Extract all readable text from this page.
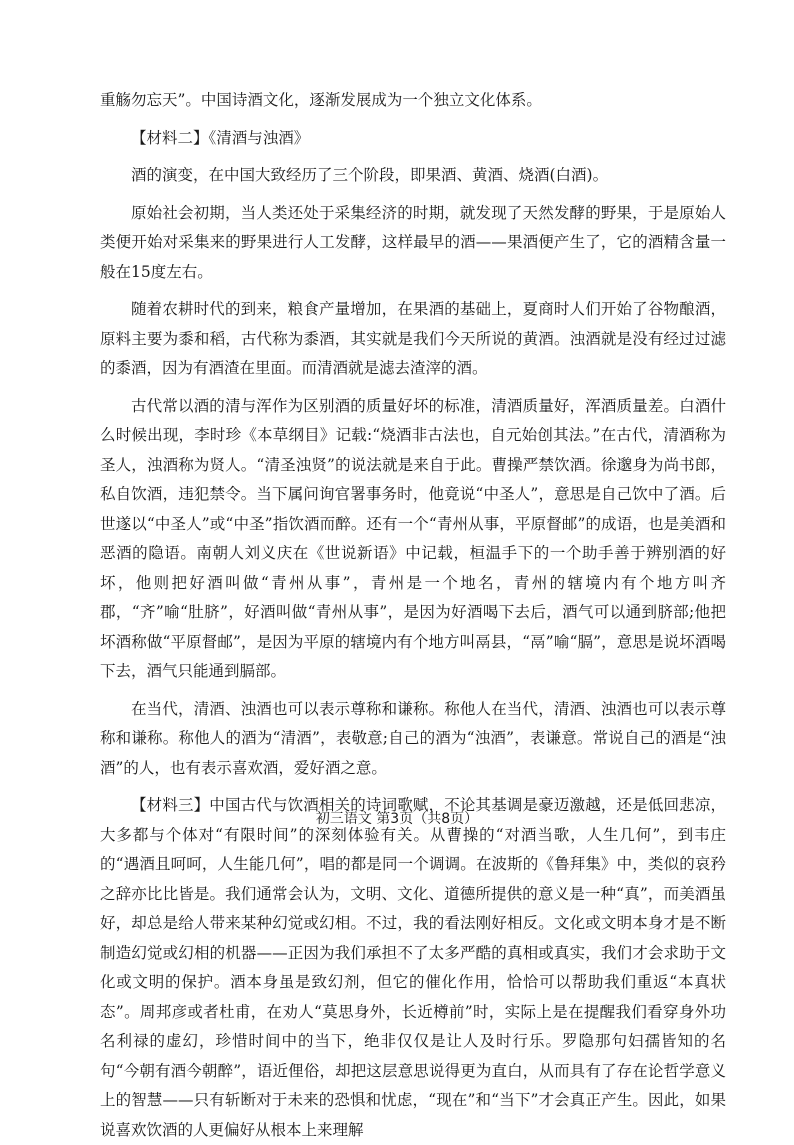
重觞勿忘天”。中国诗酒文化，逐渐发展成为一个独立文化体系。

【材料二】《清酒与浊酒》

酒的演变，在中国大致经历了三个阶段，即果酒、黄酒、烧酒(白酒)。

原始社会初期，当人类还处于采集经济的时期，就发现了天然发酵的野果，于是原始人类便开始对采集来的野果进行人工发酵，这样最早的酒——果酒便产生了，它的酒精含量一般在15度左右。

随着农耕时代的到来，粮食产量增加，在果酒的基础上，夏商时人们开始了谷物酿酒，原料主要为黍和稻，古代称为黍酒，其实就是我们今天所说的黄酒。浊酒就是没有经过过滤的黍酒，因为有酒渣在里面。而清酒就是滤去渣滓的酒。

古代常以酒的清与浑作为区别酒的质量好坏的标准，清酒质量好，浑酒质量差。白酒什么时候出现，李时珍《本草纲目》记载:“烧酒非古法也，自元始创其法。”在古代，清酒称为圣人，浊酒称为贤人。“清圣浊贤”的说法就是来自于此。曹操严禁饮酒。徐邈身为尚书郎，私自饮酒，违犯禁令。当下属问询官署事务时，他竟说“中圣人”，意思是自己饮中了酒。后世遂以“中圣人”或“中圣”指饮酒而醉。还有一个“青州从事，平原督邮”的成语，也是美酒和恶酒的隐语。南朝人刘义庆在《世说新语》中记载，桓温手下的一个助手善于辨别酒的好坏，他则把好酒叫做“青州从事”，青州是一个地名，青州的辖境内有个地方叫齐郡，“齐”喻“肚脐”，好酒叫做“青州从事”，是因为好酒喝下去后，酒气可以通到脐部;他把坏酒称做“平原督邮”，是因为平原的辖境内有个地方叫鬲县，“鬲”喻“膈”，意思是说坏酒喝下去，酒气只能通到膈部。

在当代，清酒、浊酒也可以表示尊称和谦称。称他人在当代，清酒、浊酒也可以表示尊称和谦称。称他人的酒为“清酒”，表敬意;自己的酒为“浊酒”，表谦意。常说自己的酒是“浊酒”的人，也有表示喜欢酒，爱好酒之意。

【材料三】中国古代与饮酒相关的诗词歌赋，不论其基调是豪迈激越，还是低回悲凉，大多都与个体对“有限时间”的深刻体验有关。从曹操的“对酒当歌，人生几何”，到韦庄的“遇酒且呵呵，人生能几何”，唱的都是同一个调调。在波斯的《鲁拜集》中，类似的哀矜之辞亦比比皆是。我们通常会认为，文明、文化、道德所提供的意义是一种“真”，而美酒虽好，却总是给人带来某种幻觉或幻相。不过，我的看法刚好相反。文化或文明本身才是不断制造幻觉或幻相的机器——正因为我们承担不了太多严酷的真相或真实，我们才会求助于文化或文明的保护。酒本身虽是致幻剂，但它的催化作用，恰恰可以帮助我们重返“本真状态”。周邦彦或者杜甫，在劝人“莫思身外，长近樽前”时，实际上是在提醒我们看穿身外功名利禄的虚幻，珍惜时间中的当下，绝非仅仅是让人及时行乐。罗隐那句妇孺皆知的名句“今朝有酒今朝醉”，语近俚俗，却把这层意思说得更为直白，从而具有了存在论哲学意义上的智慧——只有斩断对于未来的恐惧和忧虑，“现在”和“当下”才会真正产生。因此，如果说喜欢饮酒的人更偏好从根本上来理解

初三语文 第3页（共8页）
